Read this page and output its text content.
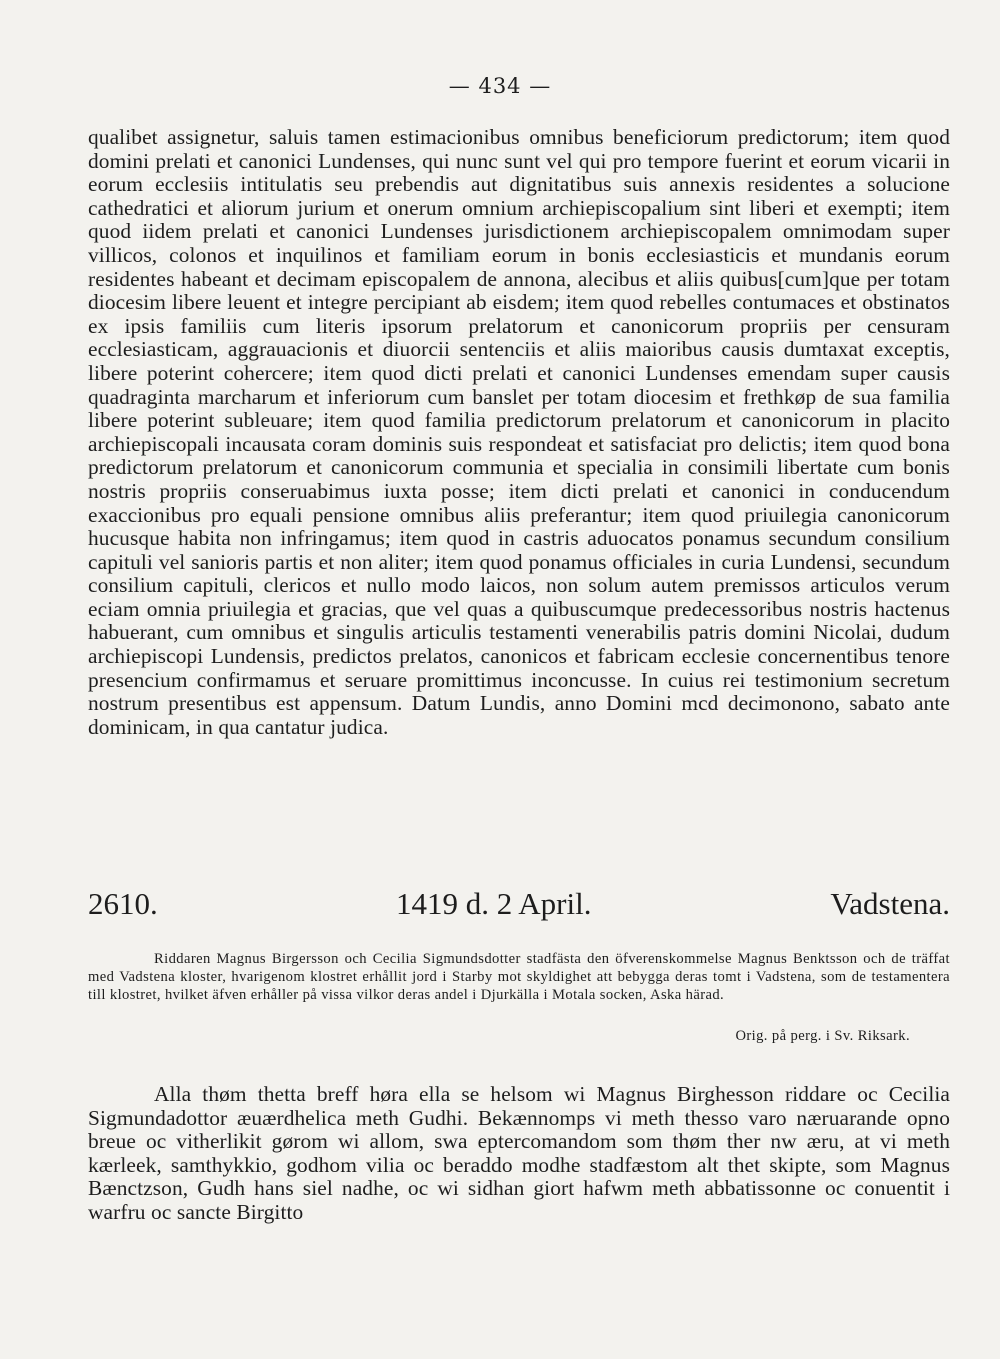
— 434 —
qualibet assignetur, saluis tamen estimacionibus omnibus beneficiorum predictorum; item quod domini prelati et canonici Lundenses, qui nunc sunt vel qui pro tempore fuerint et eorum vicarii in eorum ecclesiis intitulatis seu prebendis aut dignitatibus suis annexis residentes a solucione cathedratici et aliorum jurium et onerum omnium archiepiscopalium sint liberi et exempti; item quod iidem prelati et canonici Lundenses jurisdictionem archiepiscopalem omnimodam super villicos, colonos et inquilinos et familiam eorum in bonis ecclesiasticis et mundanis eorum residentes habeant et decimam episcopalem de annona, alecibus et aliis quibus[cum]que per totam diocesim libere leuent et integre percipiant ab eisdem; item quod rebelles contumaces et obstinatos ex ipsis familiis cum literis ipsorum prelatorum et canonicorum propriis per censuram ecclesiasticam, aggrauacionis et diuorcii sentenciis et aliis maioribus causis dumtaxat exceptis, libere poterint cohercere; item quod dicti prelati et canonici Lundenses emendam super causis quadraginta marcharum et inferiorum cum banslet per totam diocesim et frethkøp de sua familia libere poterint subleuare; item quod familia predictorum prelatorum et canonicorum in placito archiepiscopali incausata coram dominis suis respondeat et satisfaciat pro delictis; item quod bona predictorum prelatorum et canonicorum communia et specialia in consimili libertate cum bonis nostris propriis conseruabimus iuxta posse; item dicti prelati et canonici in conducendum exaccionibus pro equali pensione omnibus aliis preferantur; item quod priuilegia canonicorum hucusque habita non infringamus; item quod in castris aduocatos ponamus secundum consilium capituli vel sanioris partis et non aliter; item quod ponamus officiales in curia Lundensi, secundum consilium capituli, clericos et nullo modo laicos, non solum autem premissos articulos verum eciam omnia priuilegia et gracias, que vel quas a quibuscumque predecessoribus nostris hactenus habuerant, cum omnibus et singulis articulis testamenti venerabilis patris domini Nicolai, dudum archiepiscopi Lundensis, predictos prelatos, canonicos et fabricam ecclesie concernentibus tenore presencium confirmamus et seruare promittimus inconcusse. In cuius rei testimonium secretum nostrum presentibus est appensum. Datum Lundis, anno Domini mcd decimonono, sabato ante dominicam, in qua cantatur judica.
2610.	1419 d. 2 April.	Vadstena.
Riddaren Magnus Birgersson och Cecilia Sigmundsdotter stadfästa den öfverenskommelse Magnus Benktsson och de träffat med Vadstena kloster, hvarigenom klostret erhållit jord i Starby mot skyldighet att bebygga deras tomt i Vadstena, som de testamentera till klostret, hvilket äfven erhåller på vissa vilkor deras andel i Djurkälla i Motala socken, Aska härad.
Orig. på perg. i Sv. Riksark.
Alla thøm thetta breff høra ella se helsom wi Magnus Birghesson riddare oc Cecilia Sigmundadottor æuærdhelica meth Gudhi. Bekænnomps vi meth thesso varo næruarande opno breue oc vitherlikit gørom wi allom, swa eptercomandom som thøm ther nw æru, at vi meth kærleek, samthykkio, godhom vilia oc beraddo modhe stadfæstom alt thet skipte, som Magnus Bænctzson, Gudh hans siel nadhe, oc wi sidhan giort hafwm meth abbatissonne oc conuentit i warfru oc sancte Birgitto
